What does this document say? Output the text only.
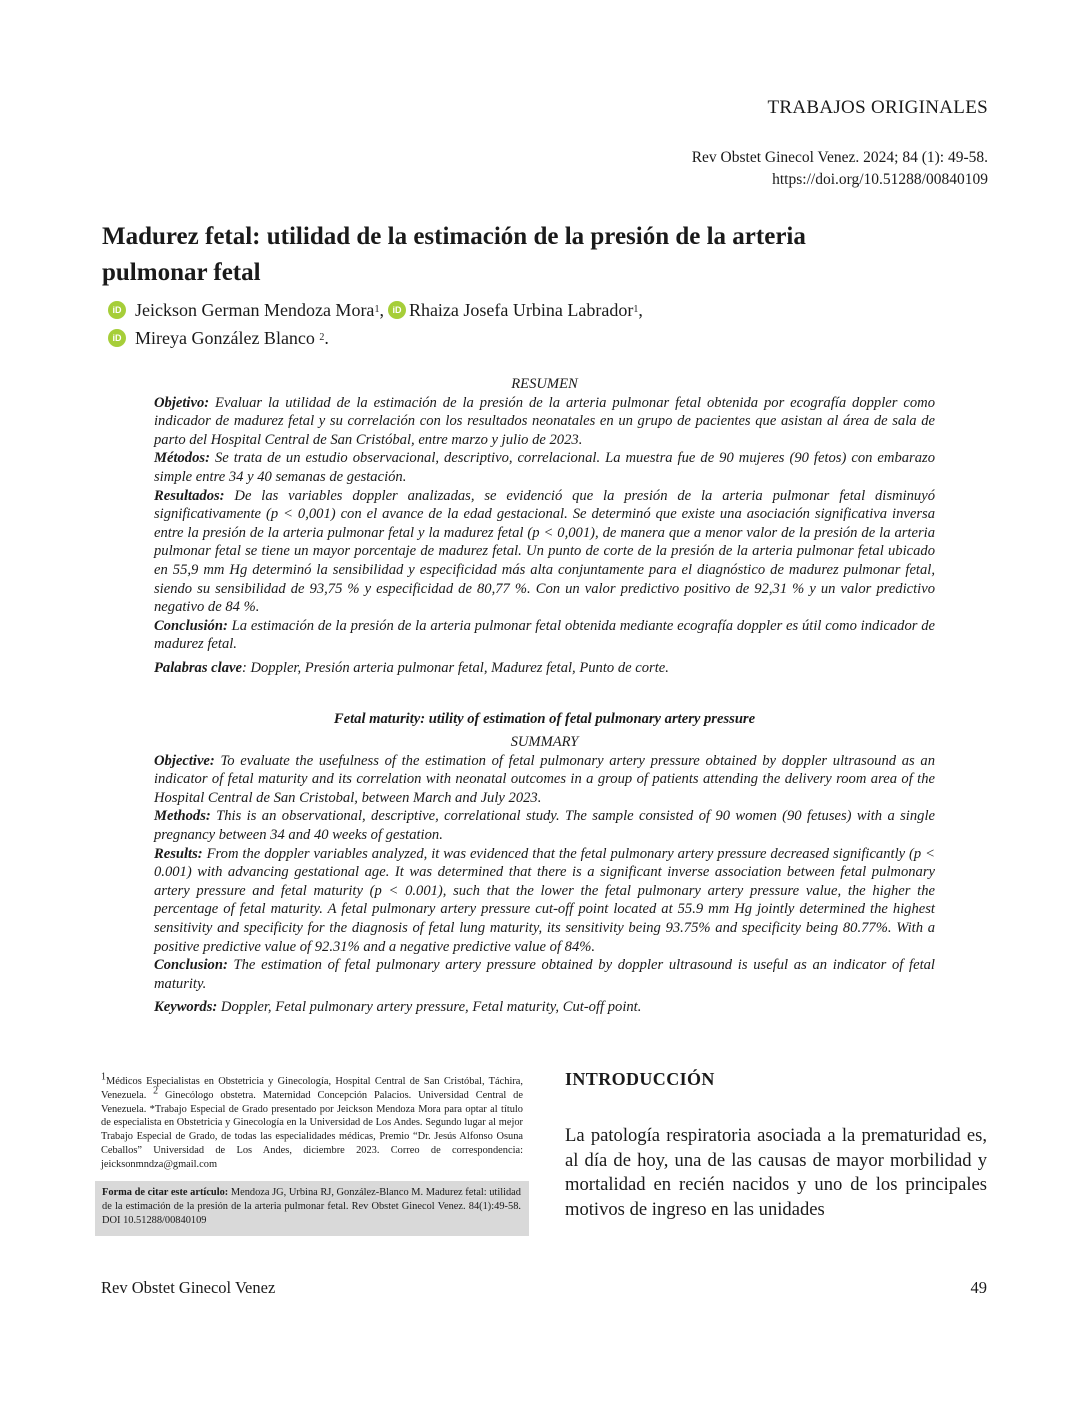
TRABAJOS ORIGINALES
Rev Obstet Ginecol Venez. 2024; 84 (1): 49-58.
https://doi.org/10.51288/00840109
Madurez fetal: utilidad de la estimación de la presión de la arteria pulmonar fetal
iD Jeickson German Mendoza Mora 1 , iD Rhaiza Josefa Urbina Labrador 1 ,
iD Mireya González Blanco
2 .
RESUMEN

Objetivo: Evaluar la utilidad de la estimación de la presión de la arteria pulmonar fetal obtenida por ecografía doppler como indicador de madurez fetal y su correlación con los resultados neonatales en un grupo de pacientes que asistan al área de sala de parto del Hospital Central de San Cristóbal, entre marzo y julio de 2023.

Métodos: Se trata de un estudio observacional, descriptivo, correlacional. La muestra fue de 90 mujeres (90 fetos) con embarazo simple entre 34 y 40 semanas de gestación.

Resultados: De las variables doppler analizadas, se evidenció que la presión de la arteria pulmonar fetal disminuyó significativamente (p < 0,001) con el avance de la edad gestacional. Se determinó que existe una asociación significativa inversa entre la presión de la arteria pulmonar fetal y la madurez fetal (p < 0,001), de manera que a menor valor de la presión de la arteria pulmonar fetal se tiene un mayor porcentaje de madurez fetal. Un punto de corte de la presión de la arteria pulmonar fetal ubicado en 55,9 mm Hg determinó la sensibilidad y especificidad más alta conjuntamente para el diagnóstico de madurez pulmonar fetal, siendo su sensibilidad de 93,75 % y especificidad de 80,77 %. Con un valor predictivo positivo de 92,31 % y un valor predictivo negativo de 84 %.

Conclusión: La estimación de la presión de la arteria pulmonar fetal obtenida mediante ecografía doppler es útil como indicador de madurez fetal.

Palabras clave: Doppler, Presión arteria pulmonar fetal, Madurez fetal, Punto de corte.

Fetal maturity: utility of estimation of fetal pulmonary artery pressure
SUMMARY

Objective: To evaluate the usefulness of the estimation of fetal pulmonary artery pressure obtained by doppler ultrasound as an indicator of fetal maturity and its correlation with neonatal outcomes in a group of patients attending the delivery room area of the Hospital Central de San Cristobal, between March and July 2023.

Methods: This is an observational, descriptive, correlational study. The sample consisted of 90 women (90 fetuses) with a single pregnancy between 34 and 40 weeks of gestation.

Results: From the doppler variables analyzed, it was evidenced that the fetal pulmonary artery pressure decreased significantly (p < 0.001) with advancing gestational age. It was determined that there is a significant inverse association between fetal pulmonary artery pressure and fetal maturity (p < 0.001), such that the lower the fetal pulmonary artery pressure value, the higher the percentage of fetal maturity. A fetal pulmonary artery pressure cut-off point located at 55.9 mm Hg jointly determined the highest sensitivity and specificity for the diagnosis of fetal lung maturity, its sensitivity being 93.75% and specificity being 80.77%. With a positive predictive value of 92.31% and a negative predictive value of 84%.

Conclusion: The estimation of fetal pulmonary artery pressure obtained by doppler ultrasound is useful as an indicator of fetal maturity.

Keywords: Doppler, Fetal pulmonary artery pressure, Fetal maturity, Cut-off point.

$^1$Médicos Especialistas en Obstetricia y Ginecología, Hospital Central de San Cristóbal, Táchira, Venezuela. $^2$ Ginecólogo obstetra. Maternidad Concepción Palacios. Universidad Central de Venezuela. *Trabajo Especial de Grado presentado por Jeickson Mendoza Mora para optar al título de especialista en Obstetricia y Ginecología en la Universidad de Los Andes. Segundo lugar al mejor Trabajo Especial de Grado, de todas las especialidades médicas, Premio “Dr. Jesús Alfonso Osuna Ceballos” Universidad de Los Andes, diciembre 2023. Correo de correspondencia: jeicksonmndza@gmail.com
Forma de citar este artículo: Mendoza JG, Urbina RJ, González-Blanco M. Madurez fetal: utilidad de la estimación de la presión de la arteria pulmonar fetal. Rev Obstet Ginecol Venez. 84(1):49-58. DOI 10.51288/00840109
INTRODUCCIÓN
La patología respiratoria asociada a la prematuridad es, al día de hoy, una de las causas de mayor morbilidad y mortalidad en recién nacidos y uno de los principales motivos de ingreso en las unidades
Rev Obstet Ginecol Venez	49
